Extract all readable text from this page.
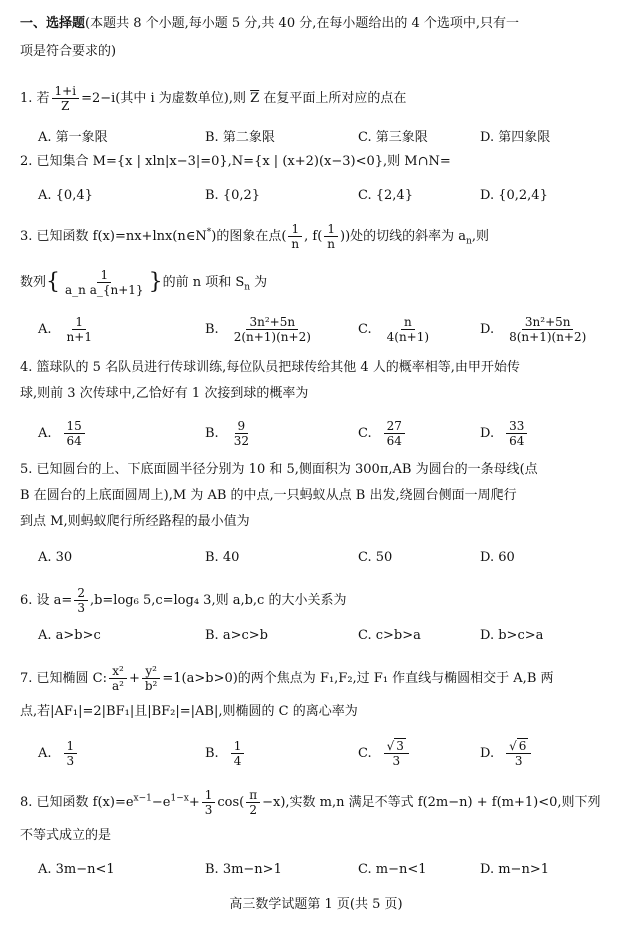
一、选择题(本题共 8 个小题,每小题 5 分,共 40 分,在每小题给出的 4 个选项中,只有一
项是符合要求的)
1. 若 $\frac{1+i}{Z} =2-i$(其中 i 为虚数单位),则 $\overline{Z}$ 在复平面上所对应的点在
A. 第一象限	B. 第二象限	C. 第三象限	D. 第四象限
2. 已知集合 M={x | xln|x−3|=0},N={x | (x+2)(x−3)<0},则 M∩N=
A. {0,4}	B. {0,2}	C. {2,4}	D. {0,2,4}
3. 已知函数 f(x)=nx+lnx(n∈N*)的图象在点( $\frac{1}{n}$ , $f( \frac{1}{n}$ ))处的切线的斜率为 $a_n$,则
数列{ $\frac{1}{\text{a\_n a\_\{n+1\}}}$ }的前 n 项和 $S_n$ 为
A. $\frac{1}{n+1}$	B. $\frac{\text{3n²+5n}}{2(n+1)(n+2)}$	C. $\frac{n}{4(n+1)}$	D. $\frac{\text{3n²+5n}}{8(n+1)(n+2)}$
4. 篮球队的 5 名队员进行传球训练,每位队员把球传给其他 4 人的概率相等,由甲开始传
球,则前 3 次传球中,乙恰好有 1 次接到球的概率为
A. $\frac{15}{64}$	B. $\frac{9}{32}$	C. $\frac{27}{64}$	D. $\frac{33}{64}$
5. 已知圆台的上、下底面圆半径分别为 10 和 5,侧面积为 300π,AB 为圆台的一条母线(点
B 在圆台的上底面圆周上),M 为 AB 的中点,一只蚂蚁从点 B 出发,绕圆台侧面一周爬行
到点 M,则蚂蚁爬行所经路程的最小值为
A. 30	B. 40	C. 50	D. 60
6. 设 $a= \frac{2}{3} ,b=\log_6$ 5,c=log₄ 3,则 a,b,c 的大小关系为
A. a>b>c	B. a>c>b	C. c>b>a	D. b>c>a
7. 已知椭圆 C: $\frac{\text{x²}}{\text{a²}} + \frac{\text{y²}}{\text{b²}} =1(a>b>0)$的两个焦点为 F₁,F₂,过 F₁ 作直线与椭圆相交于 A,B 两
点,若|AF₁|=2|BF₁|且|BF₂|=|AB|,则椭圆的 C 的离心率为
A. $\frac{1}{3}$	B. $\frac{1}{4}$	C. $\frac{√ 3}{3}$	D. $\frac{√ 6}{3}$
8. 已知函数 $f(x)=e^{x-1}-e^{1-x}+ \frac{1}{3} \cos( \frac{\pi}{2} -x)$,实数 m,n 满足不等式 f(2m−n) + f(m+1)<0,则下列
不等式成立的是
A. 3m−n<1	B. 3m−n>1	C. m−n<1	D. m−n>1
高三数学试题第 1 页(共 5 页)
